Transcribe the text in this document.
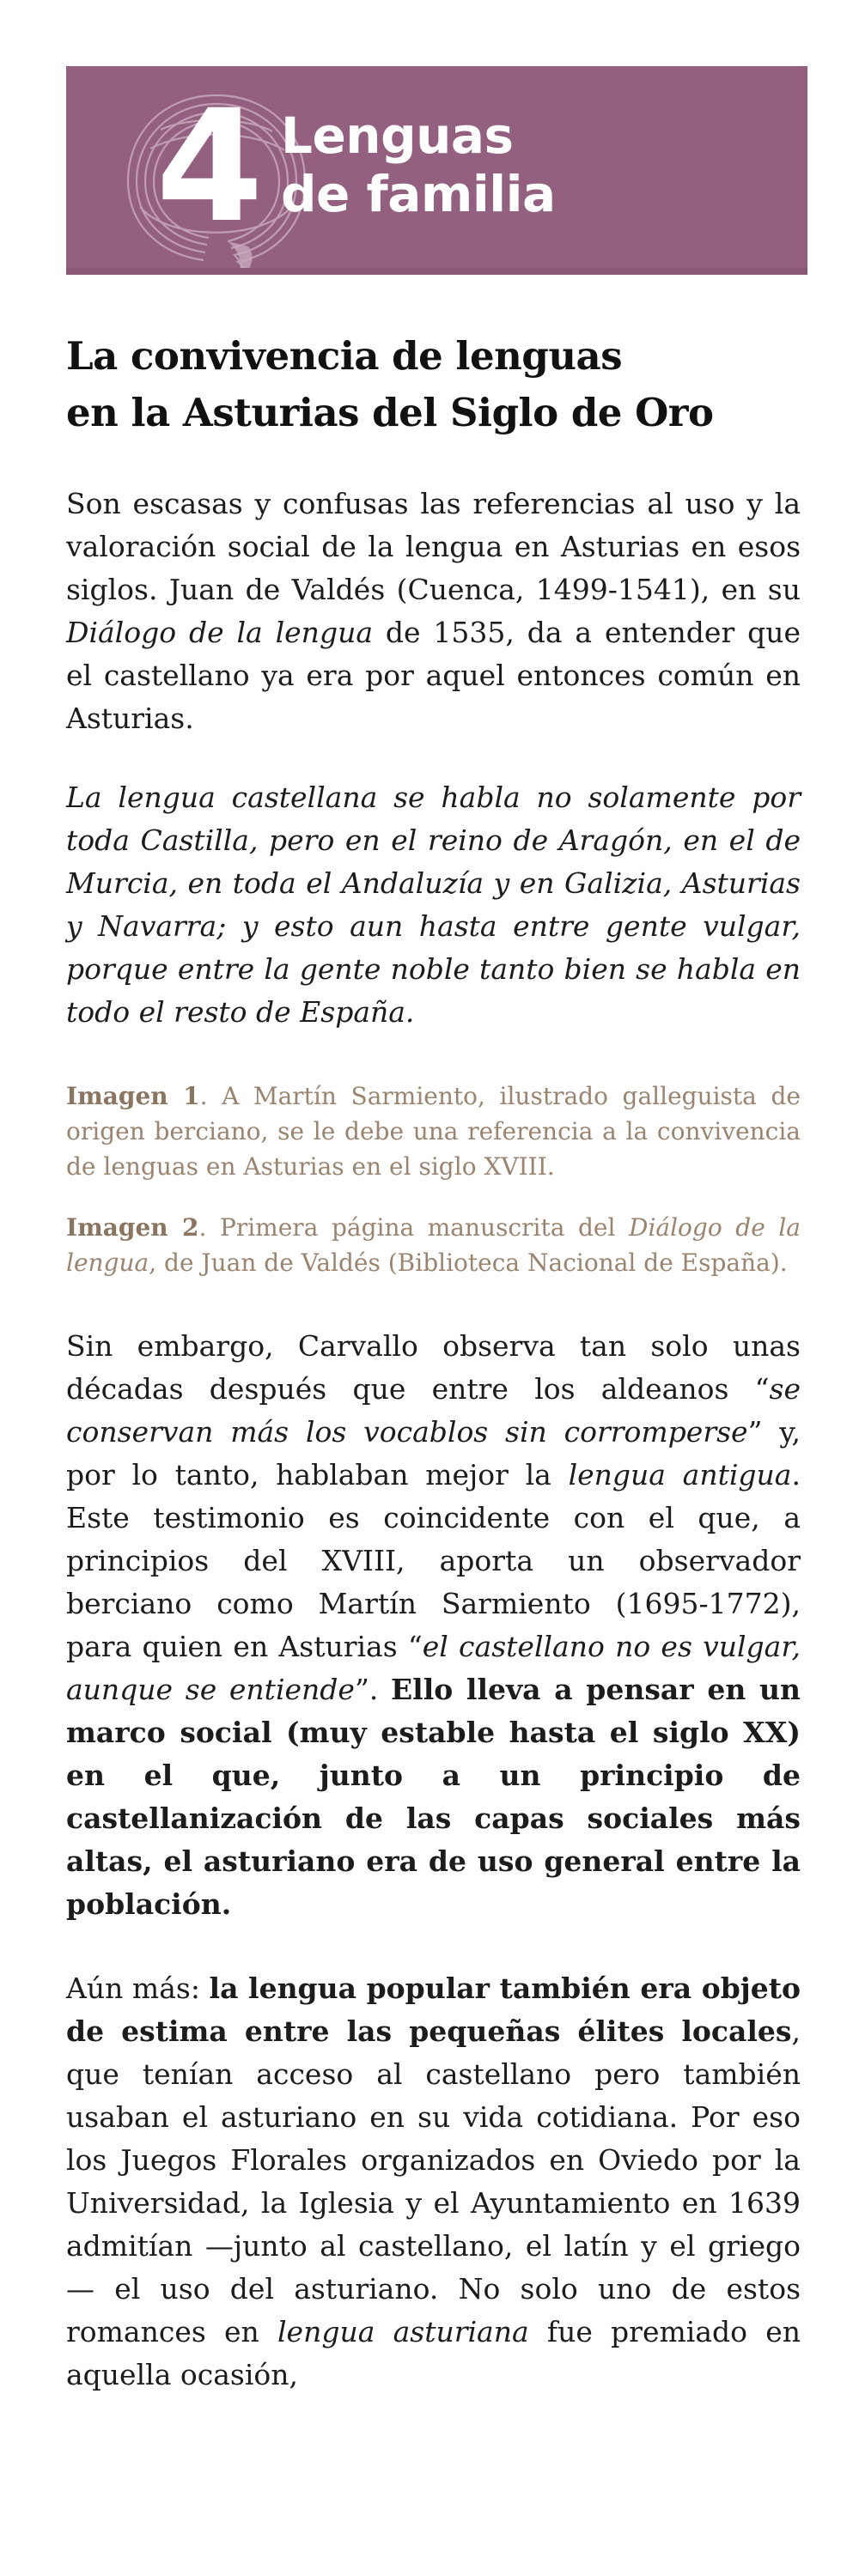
4 Lenguas
de familia
La convivencia de lenguas
en la Asturias del Siglo de Oro

Son escasas y confusas las referencias al uso y la valoración social de la lengua en Asturias en esos siglos. Juan de Valdés (Cuenca, 1499-1541), en su Diálogo de la lengua de 1535, da a entender que el castellano ya era por aquel entonces común en Asturias.

La lengua castellana se habla no solamente por toda Castilla, pero en el reino de Aragón, en el de Murcia, en toda el Andaluzía y en Galizia, Asturias y Navarra; y esto aun hasta entre gente vulgar, porque entre la gente noble tanto bien se habla en todo el resto de España.

Imagen 1. A Martín Sarmiento, ilustrado galleguista de origen berciano, se le debe una referencia a la convivencia de lenguas en Asturias en el siglo XVIII.

Imagen 2. Primera página manuscrita del Diálogo de la lengua, de Juan de Valdés (Biblioteca Nacional de España).

Sin embargo, Carvallo observa tan solo unas décadas después que entre los aldeanos “se conservan más los vocablos sin corromperse” y, por lo tanto, hablaban mejor la lengua antigua. Este testimonio es coincidente con el que, a principios del XVIII, aporta un observador berciano como Martín Sarmiento (1695-1772), para quien en Asturias “el castellano no es vulgar, aunque se entiende”. Ello lleva a pensar en un marco social (muy estable hasta el siglo XX) en el que, junto a un principio de castellanización de las capas sociales más altas, el asturiano era de uso general entre la población.

Aún más: la lengua popular también era objeto de estima entre las pequeñas élites locales, que tenían acceso al castellano pero también usaban el asturiano en su vida cotidiana. Por eso los Juegos Florales organizados en Oviedo por la Universidad, la Iglesia y el Ayuntamiento en 1639 admitían —junto al castellano, el latín y el griego— el uso del asturiano. No solo uno de estos romances en lengua asturiana fue premiado en aquella ocasión,
